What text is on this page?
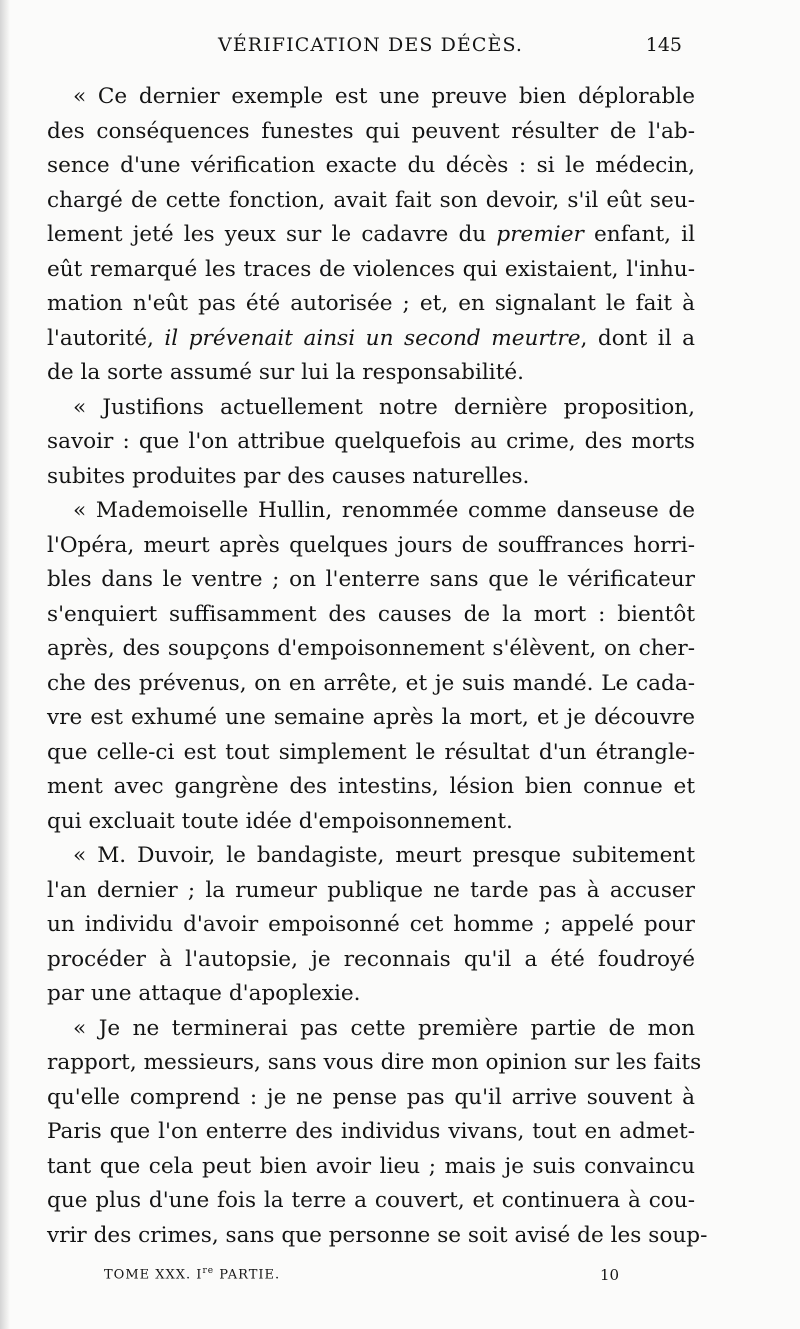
VÉRIFICATION DES DÉCÈS.	145
« Ce dernier exemple est une preuve bien déplorable
des conséquences funestes qui peuvent résulter de l'ab-
sence d'une vérification exacte du décès : si le médecin,
chargé de cette fonction, avait fait son devoir, s'il eût seu-
lement jeté les yeux sur le cadavre du premier enfant, il
eût remarqué les traces de violences qui existaient, l'inhu-
mation n'eût pas été autorisée ; et, en signalant le fait à
l'autorité, il prévenait ainsi un second meurtre, dont il a
de la sorte assumé sur lui la responsabilité.
« Justifions actuellement notre dernière proposition,
savoir : que l'on attribue quelquefois au crime, des morts
subites produites par des causes naturelles.
« Mademoiselle Hullin, renommée comme danseuse de
l'Opéra, meurt après quelques jours de souffrances horri-
bles dans le ventre ; on l'enterre sans que le vérificateur
s'enquiert suffisamment des causes de la mort : bientôt
après, des soupçons d'empoisonnement s'élèvent, on cher-
che des prévenus, on en arrête, et je suis mandé. Le cada-
vre est exhumé une semaine après la mort, et je découvre
que celle-ci est tout simplement le résultat d'un étrangle-
ment avec gangrène des intestins, lésion bien connue et
qui excluait toute idée d'empoisonnement.
« M. Duvoir, le bandagiste, meurt presque subitement
l'an dernier ; la rumeur publique ne tarde pas à accuser
un individu d'avoir empoisonné cet homme ; appelé pour
procéder à l'autopsie, je reconnais qu'il a été foudroyé
par une attaque d'apoplexie.
« Je ne terminerai pas cette première partie de mon
rapport, messieurs, sans vous dire mon opinion sur les faits
qu'elle comprend : je ne pense pas qu'il arrive souvent à
Paris que l'on enterre des individus vivans, tout en admet-
tant que cela peut bien avoir lieu ; mais je suis convaincu
que plus d'une fois la terre a couvert, et continuera à cou-
vrir des crimes, sans que personne se soit avisé de les soup-
TOME XXX. Ire PARTIE.	10
